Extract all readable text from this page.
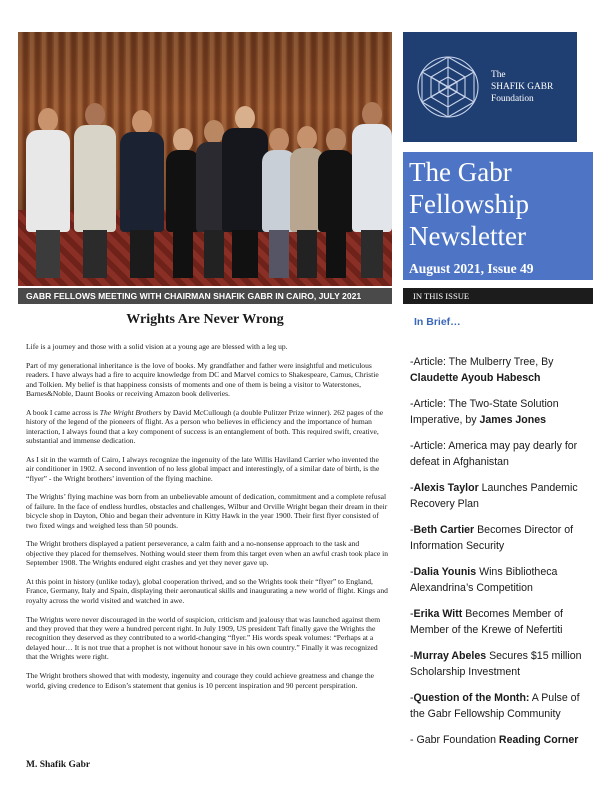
GABR FELLOWS MEETING WITH CHAIRMAN SHAFIK GABR IN CAIRO, JULY 2021
The
SHAFIK GABR
Foundation
The Gabr
Fellowship
Newsletter
August 2021, Issue 49
IN THIS ISSUE
In Brief…
-Article: The Mulberry Tree, By Claudette Ayoub Habesch
-Article: The Two-State Solution Imperative, by James Jones
-Article: America may pay dearly for defeat in Afghanistan
-Alexis Taylor Launches Pandemic Recovery Plan
-Beth Cartier Becomes Director of Information Security
-Dalia Younis Wins Bibliotheca Alexandrina’s Competition
-Erika Witt Becomes Member of Member of the Krewe of Nefertiti
-Murray Abeles Secures $15 million Scholarship Investment
-Question of the Month: A Pulse of the Gabr Fellowship Community
- Gabr Foundation Reading Corner
Wrights Are Never Wrong

Life is a journey and those with a solid vision at a young age are blessed with a leg up.

Part of my generational inheritance is the love of books. My grandfather and father were insightful and meticulous readers. I have always had a fire to acquire knowledge from DC and Marvel comics to Shakespeare, Camus, Christie and Tolkien. My belief is that happiness consists of moments and one of them is being a visitor to Waterstones, Barnes&Noble, Daunt Books or receiving Amazon book deliveries.

A book I came across is The Wright Brothers by David McCullough (a double Pulitzer Prize winner). 262 pages of the history of the legend of the pioneers of flight. As a person who believes in efficiency and the importance of human interaction, I always found that a key component of success is an entanglement of both. This required swift, creative, substantial and immense dedication.

As I sit in the warmth of Cairo, I always recognize the ingenuity of the late Willis Haviland Carrier who invented the air conditioner in 1902. A second invention of no less global impact and interestingly, of a similar date of birth, is the “flyer” - the Wright brothers’ invention of the flying machine.

The Wrights’ flying machine was born from an unbelievable amount of dedication, commitment and a complete refusal of failure. In the face of endless hurdles, obstacles and challenges, Wilbur and Orville Wright began their dream in their bicycle shop in Dayton, Ohio and began their adventure in Kitty Hawk in the year 1900. Their first flyer consisted of two fixed wings and weighed less than 50 pounds.

The Wright brothers displayed a patient perseverance, a calm faith and a no-nonsense approach to the task and objective they placed for themselves. Nothing would steer them from this target even when an awful crash took place in September 1908. The Wrights endured eight crashes and yet they never gave up.

At this point in history (unlike today), global cooperation thrived, and so the Wrights took their “flyer” to England, France, Germany, Italy and Spain, displaying their aeronautical skills and inaugurating a new world of flight. Kings and royalty across the world visited and watched in awe.

The Wrights were never discouraged in the world of suspicion, criticism and jealousy that was launched against them and they proved that they were a hundred percent right. In July 1909, US president Taft finally gave the Wrights the recognition they deserved as they contributed to a world-changing “flyer.” His words speak volumes: “Perhaps at a delayed hour… It is not true that a prophet is not without honour save in his own country.” Finally it was recognized that the Wrights were right.

The Wright brothers showed that with modesty, ingenuity and courage they could achieve greatness and change the world, giving credence to Edison’s statement that genius is 10 percent inspiration and 90 percent perspiration.

M. Shafik Gabr
